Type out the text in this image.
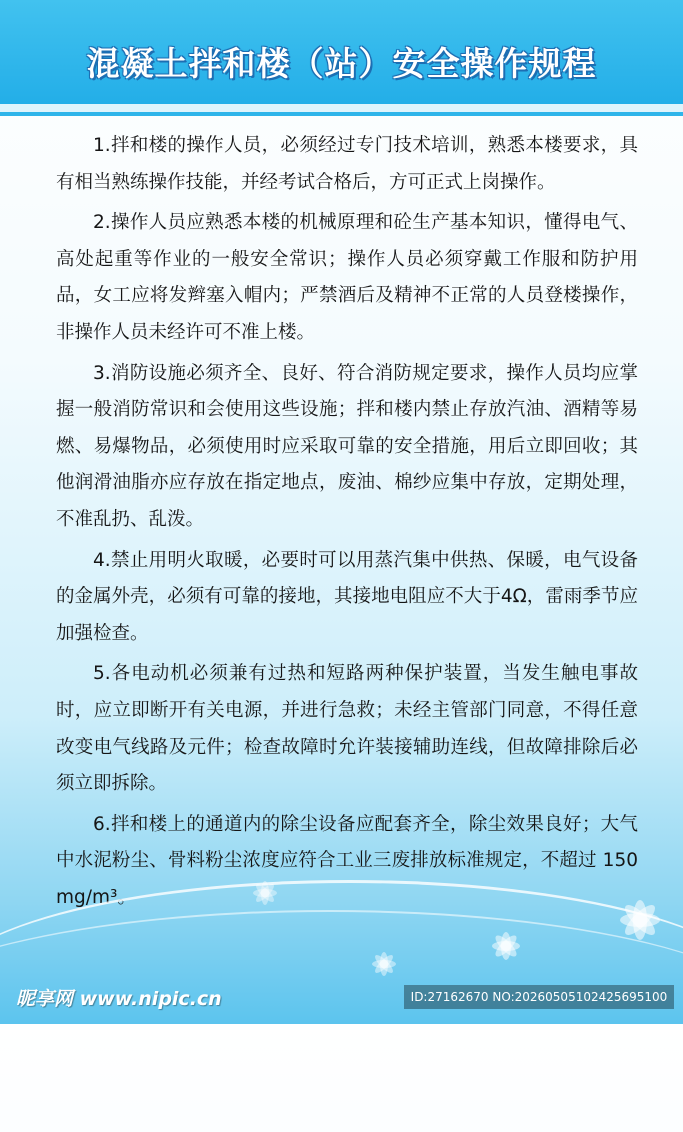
混凝土拌和楼（站）安全操作规程

1.拌和楼的操作人员，必须经过专门技术培训，熟悉本楼要求，具有相当熟练操作技能，并经考试合格后，方可正式上岗操作。

2.操作人员应熟悉本楼的机械原理和砼生产基本知识，懂得电气、高处起重等作业的一般安全常识；操作人员必须穿戴工作服和防护用品，女工应将发辫塞入帽内；严禁酒后及精神不正常的人员登楼操作，非操作人员未经许可不准上楼。

3.消防设施必须齐全、良好、符合消防规定要求，操作人员均应掌握一般消防常识和会使用这些设施；拌和楼内禁止存放汽油、酒精等易燃、易爆物品，必须使用时应采取可靠的安全措施，用后立即回收；其他润滑油脂亦应存放在指定地点，废油、棉纱应集中存放，定期处理，不准乱扔、乱泼。

4.禁止用明火取暖，必要时可以用蒸汽集中供热、保暖，电气设备的金属外壳，必须有可靠的接地，其接地电阻应不大于4Ω，雷雨季节应加强检查。

5.各电动机必须兼有过热和短路两种保护装置，当发生触电事故时，应立即断开有关电源，并进行急救；未经主管部门同意，不得任意改变电气线路及元件；检查故障时允许装接辅助连线，但故障排除后必须立即拆除。

6.拌和楼上的通道内的除尘设备应配套齐全，除尘效果良好；大气中水泥粉尘、骨料粉尘浓度应符合工业三废排放标准规定，不超过 150 mg/m³。

昵享网 www.nipic.cn	ID:27162670 NO:20260505102425695100
